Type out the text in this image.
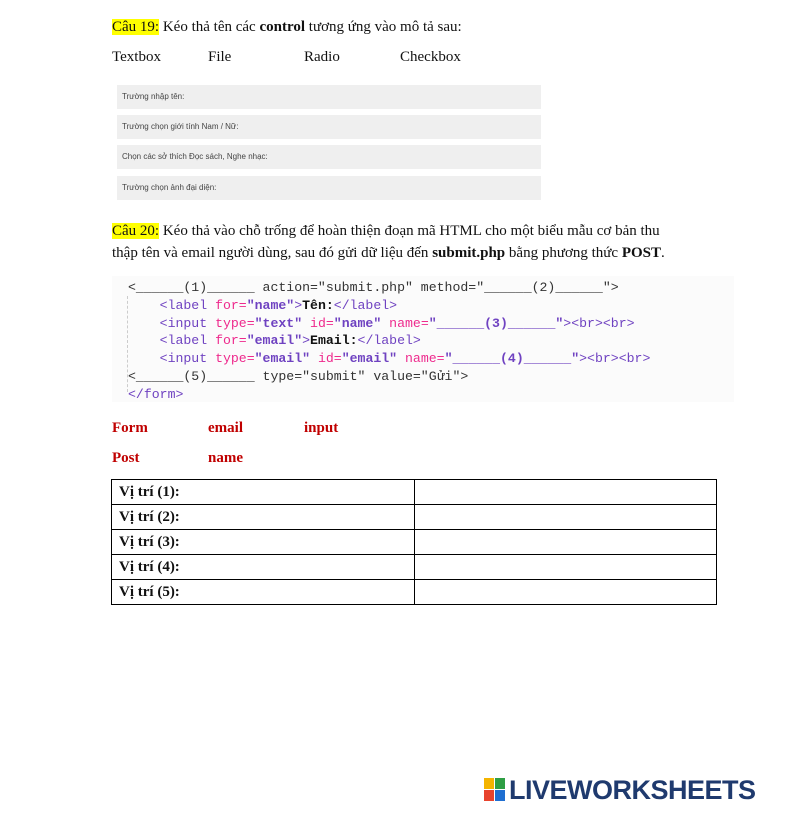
Câu 19: Kéo thả tên các control tương ứng vào mô tả sau:
Textbox	File	Radio	Checkbox
Trường nhập tên:
Trường chọn giới tính Nam / Nữ:
Chọn các sở thích Đọc sách, Nghe nhạc:
Trường chọn ảnh đại diện:
Câu 20: Kéo thả vào chỗ trống để hoàn thiện đoạn mã HTML cho một biểu mẫu cơ bản thu
thập tên và email người dùng, sau đó gửi dữ liệu đến submit.php bằng phương thức POST.
<______(1)______ action="submit.php" method="______(2)______">
<label for="name">Tên:</label>
<input type="text" id="name" name="______(3)______"><br><br>
<label for="email">Email:</label>
<input type="email" id="email" name="______(4)______"><br><br>
<______(5)______ type="submit" value="Gửi">
</form>
Form	email	input
Post	name
Vị trí (1):	
Vị trí (2):	
Vị trí (3):	
Vị trí (4):	
Vị trí (5):	
LIVEWORKSHEETS
